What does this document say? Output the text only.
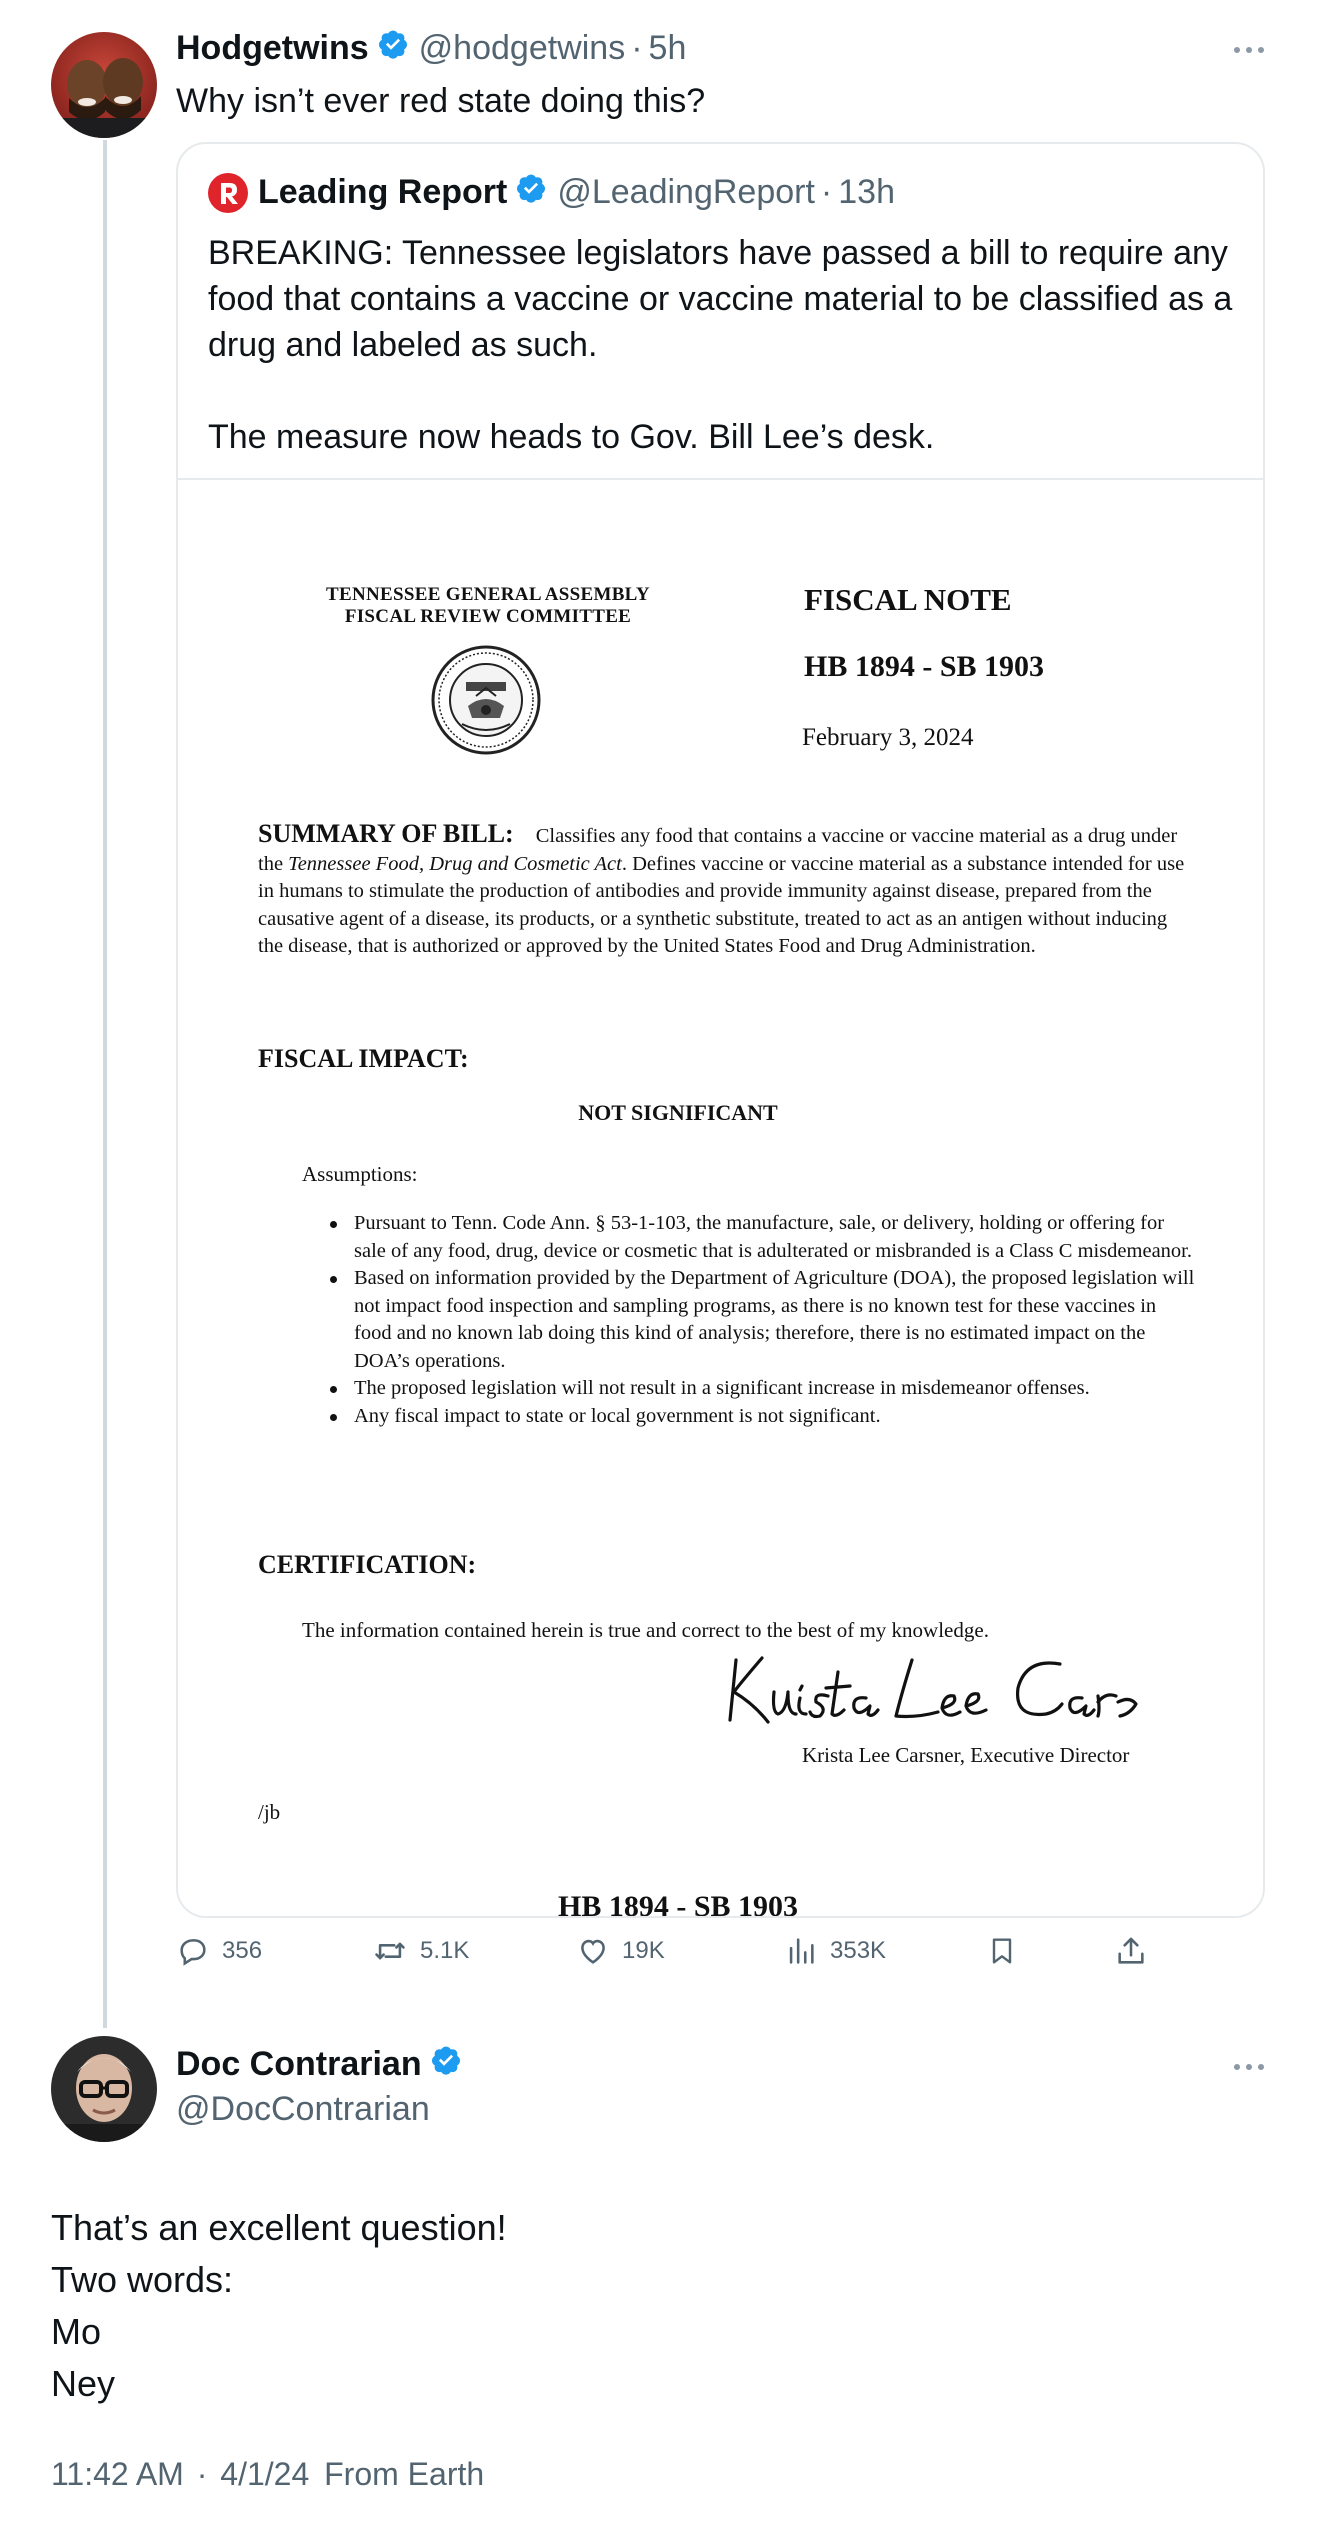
Hodgetwins @hodgetwins · 5h
Why isn’t ever red state doing this?
Leading Report @LeadingReport · 13h
BREAKING: Tennessee legislators have passed a bill to require any food that contains a vaccine or vaccine material to be classified as a drug and labeled as such.

The measure now heads to Gov. Bill Lee’s desk.
TENNESSEE GENERAL ASSEMBLY
FISCAL REVIEW COMMITTEE	FISCAL NOTE
HB 1894 - SB 1903
February 3, 2024
SUMMARY OF BILL: Classifies any food that contains a vaccine or vaccine material as a drug under the Tennessee Food, Drug and Cosmetic Act. Defines vaccine or vaccine material as a substance intended for use in humans to stimulate the production of antibodies and provide immunity against disease, prepared from the causative agent of a disease, its products, or a synthetic substitute, treated to act as an antigen without inducing the disease, that is authorized or approved by the United States Food and Drug Administration.
FISCAL IMPACT:
NOT SIGNIFICANT
Assumptions:
Pursuant to Tenn. Code Ann. § 53-1-103, the manufacture, sale, or delivery, holding or offering for sale of any food, drug, device or cosmetic that is adulterated or misbranded is a Class C misdemeanor.
Based on information provided by the Department of Agriculture (DOA), the proposed legislation will not impact food inspection and sampling programs, as there is no known test for these vaccines in food and no known lab doing this kind of analysis; therefore, there is no estimated impact on the DOA’s operations.
The proposed legislation will not result in a significant increase in misdemeanor offenses.
Any fiscal impact to state or local government is not significant.
CERTIFICATION:
The information contained herein is true and correct to the best of my knowledge.
Krista Lee Carsner, Executive Director
/jb
HB 1894 - SB 1903
356	5.1K	19K	353K
Doc Contrarian
@DocContrarian
That’s an excellent question!
Two words:
Mo
Ney
11:42 AM · 4/1/24 From Earth
